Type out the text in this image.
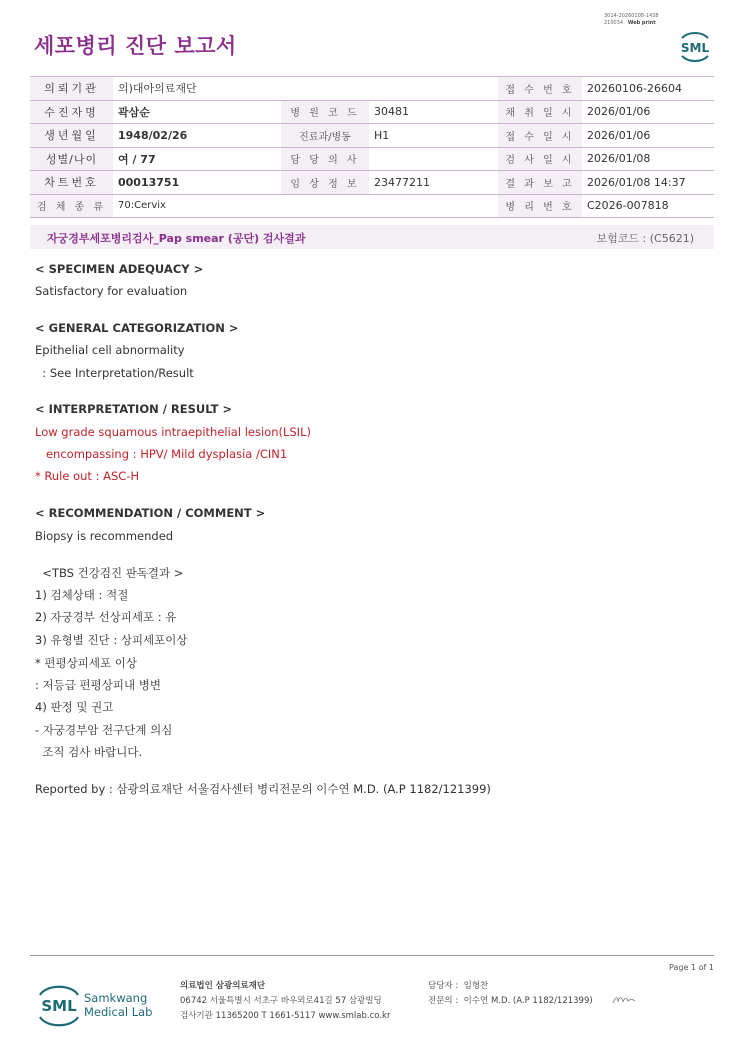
세포병리 진단 보고서
3014-20260108-1438
210034 Web print
SML
의뢰기관	의)대아의료재단			접 수 번 호	20260106-26604
수진자명	곽삼순	병 원 코 드	30481	채 취 일 시	2026/01/06
생년월일	1948/02/26	진료과/병동	H1	접 수 일 시	2026/01/06
성별/나이	여 / 77	담 당 의 사		검 사 일 시	2026/01/08
차트번호	00013751	임 상 정 보	23477211	결 과 보 고	2026/01/08 14:37
검 체 종 류	70:Cervix			병 리 번 호	C2026-007818
자궁경부세포병리검사_Pap smear (공단) 검사결과	보험코드 : (C5621)
< SPECIMEN ADEQUACY >
Satisfactory for evaluation
< GENERAL CATEGORIZATION >
Epithelial cell abnormality
: See Interpretation/Result
< INTERPRETATION / RESULT >
Low grade squamous intraepithelial lesion(LSIL)
encompassing : HPV/ Mild dysplasia /CIN1
* Rule out : ASC-H
< RECOMMENDATION / COMMENT >
Biopsy is recommended
<TBS 건강검진 판독결과 >
1) 검체상태 : 적절
2) 자궁경부 선상피세포 : 유
3) 유형별 진단 : 상피세포이상
* 편평상피세포 이상
: 저등급 편평상피내 병변
4) 판정 및 권고
- 자궁경부암 전구단계 의심
조직 검사 바랍니다.
Reported by : 삼광의료재단 서울검사센터 병리전문의 이수연 M.D. (A.P 1182/121399)
Page 1 of 1
SML Samkwang
Medical Lab
의료법인 삼광의료재단
06742 서울특별시 서초구 바우뫼로41길 57 삼광빌딩
검사기관 11365200 T 1661-5117 www.smlab.co.kr
담당자 :  임형찬
전문의 :  이수연 M.D. (A.P 1182/121399)
